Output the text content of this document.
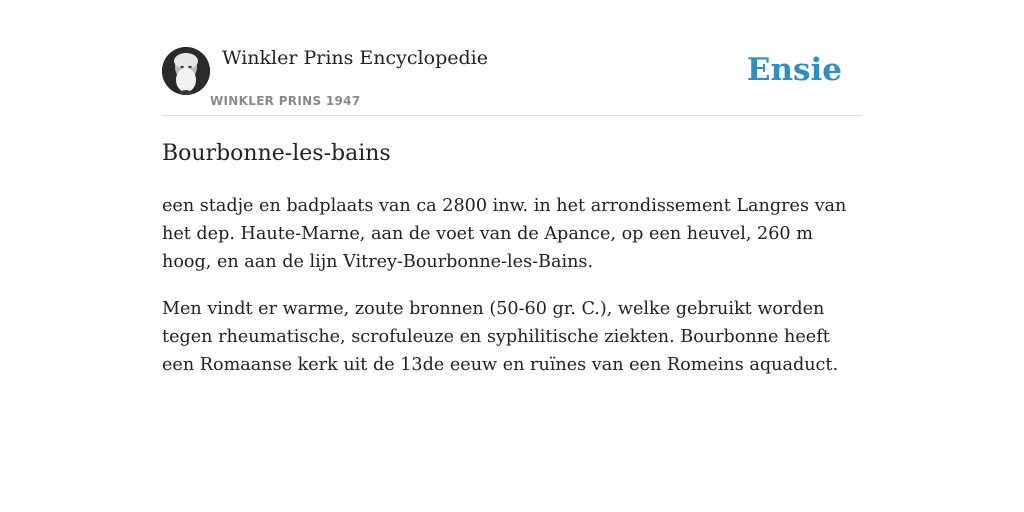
Winkler Prins Encyclopedie
WINKLER PRINS 1947
Ensie
Bourbonne-les-bains

een stadje en badplaats van ca 2800 inw. in het arrondissement Langres van het dep. Haute-Marne, aan de voet van de Apance, op een heuvel, 260 m hoog, en aan de lijn Vitrey-Bourbonne-les-Bains.

Men vindt er warme, zoute bronnen (50-60 gr. C.), welke gebruikt worden tegen rheumatische, scrofuleuze en syphilitische ziekten. Bourbonne heeft een Romaanse kerk uit de 13de eeuw en ruïnes van een Romeins aquaduct.
